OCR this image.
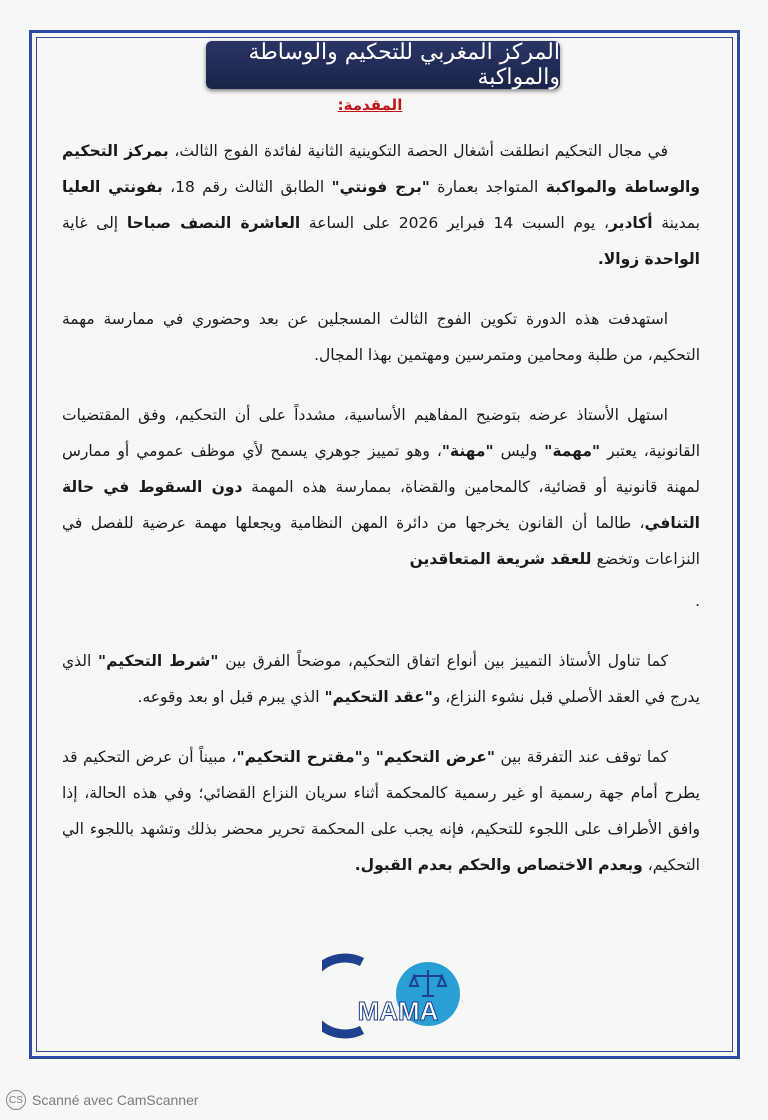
المركز المغربي للتحكيم والوساطة والمواكبة
المقدمة:

في مجال التحكيم انطلقت أشغال الحصة التكوينية الثانية لفائدة الفوج الثالث، بمركز التحكيم والوساطة والمواكبة المتواجد بعمارة "برج فونتي" الطابق الثالث رقم 18، بفونتي العليا بمدينة أكادير، يوم السبت 14 فبراير 2026 على الساعة العاشرة النصف صباحا إلى غاية الواحدة زوالا.

استهدفت هذه الدورة تكوين الفوج الثالث المسجلين عن بعد وحضوري في ممارسة مهمة التحكيم، من طلبة ومحامين ومتمرسين ومهتمين بهذا المجال.

استهل الأستاذ عرضه بتوضيح المفاهيم الأساسية، مشدداً على أن التحكيم، وفق المقتضيات القانونية، يعتبر "مهمة" وليس "مهنة"، وهو تمييز جوهري يسمح لأي موظف عمومي أو ممارس لمهنة قانونية أو قضائية، كالمحامين والقضاة، بممارسة هذه المهمة دون السقوط في حالة التنافي، طالما أن القانون يخرجها من دائرة المهن النظامية ويجعلها مهمة عرضية للفصل في النزاعات وتخضع للعقد شريعة المتعاقدين

.

كما تناول الأستاذ التمييز بين أنواع اتفاق التحكيم، موضحاً الفرق بين "شرط التحكيم" الذي يدرج في العقد الأصلي قبل نشوء النزاع، و"عقد التحكيم" الذي يبرم قبل او بعد وقوعه.

كما توقف عند التفرقة بين "عرض التحكيم" و"مقترح التحكيم"، مبيناً أن عرض التحكيم قد يطرح أمام جهة رسمية او غير رسمية كالمحكمة أثناء سريان النزاع القضائي؛ وفي هذه الحالة، إذا وافق الأطراف على اللجوء للتحكيم، فإنه يجب على المحكمة تحرير محضر بذلك وتشهد باللجوء الي التحكيم، وبعدم الاختصاص والحكم بعدم القبول.

MAMA
CS Scanné avec CamScanner
